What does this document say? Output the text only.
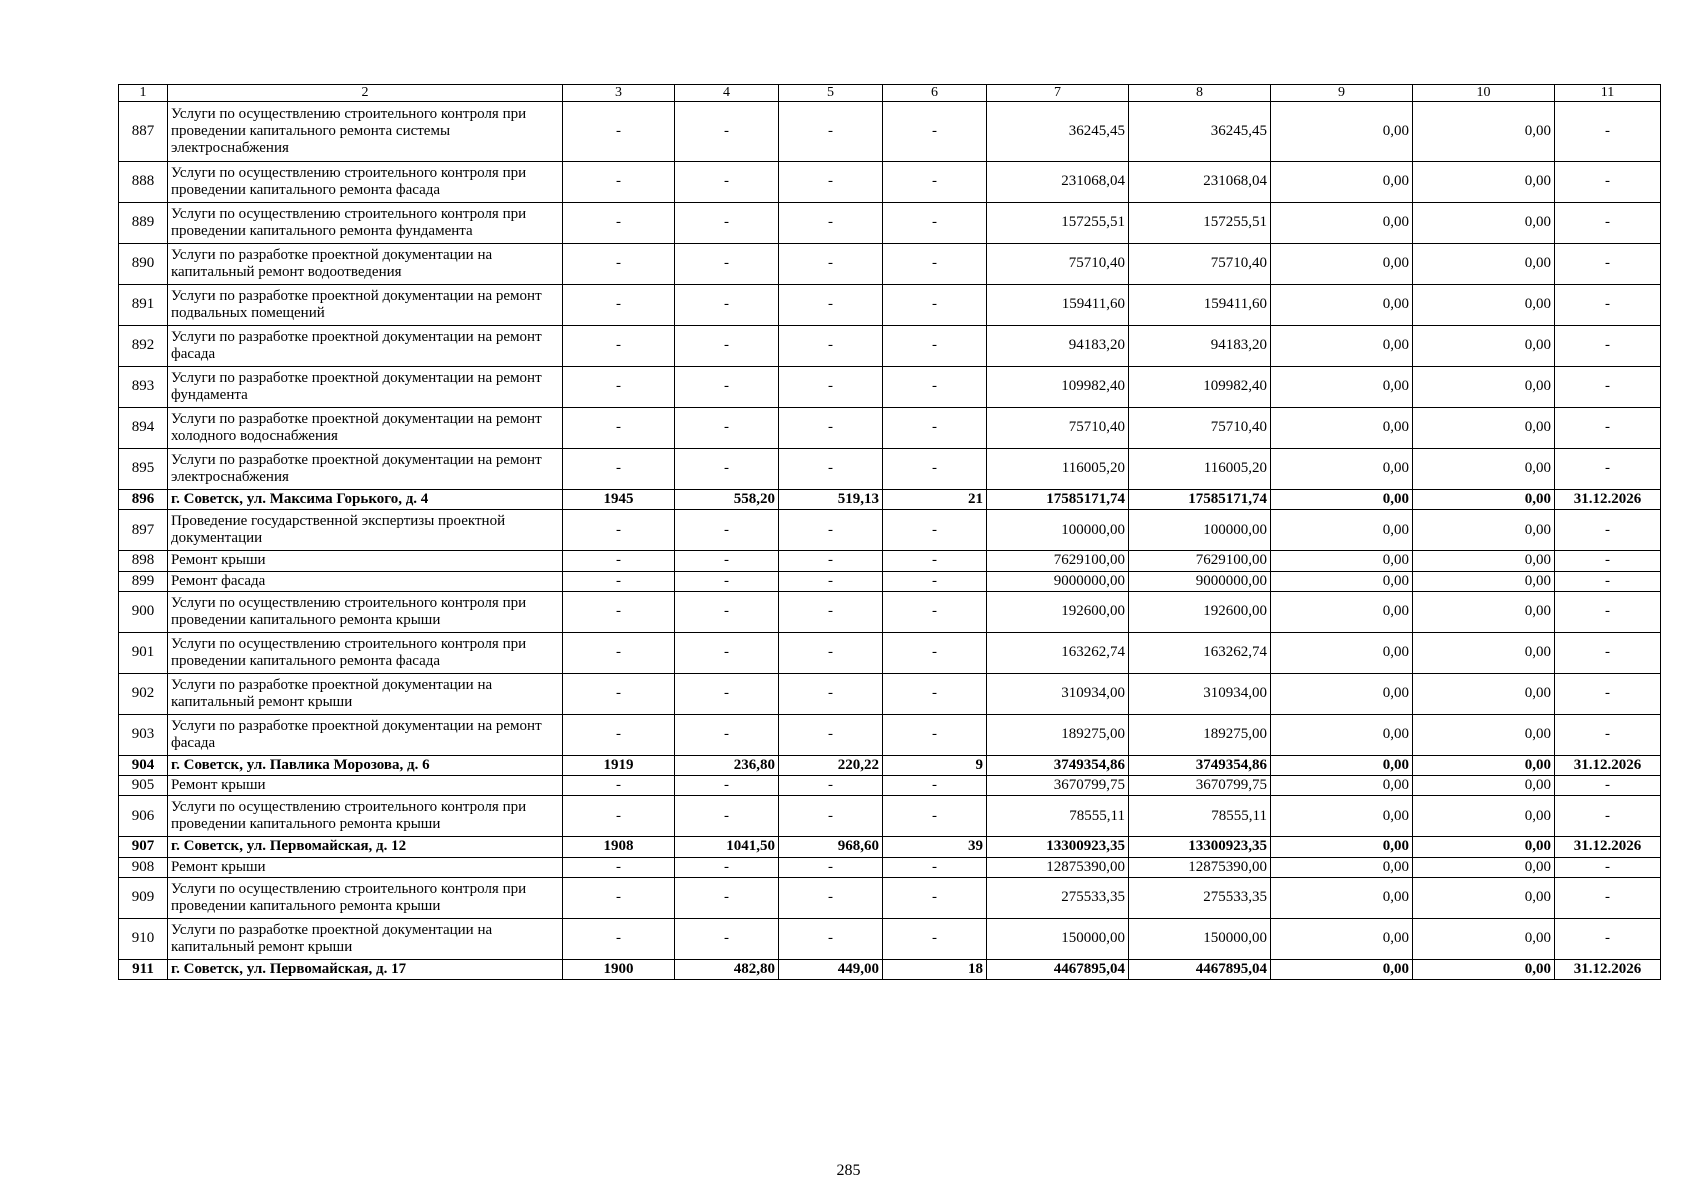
1	2	3	4	5	6	7	8	9	10	11
887	Услуги по осуществлению строительного контроля при проведении капитального ремонта системы электроснабжения	-	-	-	-	36245,45	36245,45	0,00	0,00	-
888	Услуги по осуществлению строительного контроля при проведении капитального ремонта фасада	-	-	-	-	231068,04	231068,04	0,00	0,00	-
889	Услуги по осуществлению строительного контроля при проведении капитального ремонта фундамента	-	-	-	-	157255,51	157255,51	0,00	0,00	-
890	Услуги по разработке проектной документации на капитальный ремонт водоотведения	-	-	-	-	75710,40	75710,40	0,00	0,00	-
891	Услуги по разработке проектной документации на ремонт подвальных помещений	-	-	-	-	159411,60	159411,60	0,00	0,00	-
892	Услуги по разработке проектной документации на ремонт фасада	-	-	-	-	94183,20	94183,20	0,00	0,00	-
893	Услуги по разработке проектной документации на ремонт фундамента	-	-	-	-	109982,40	109982,40	0,00	0,00	-
894	Услуги по разработке проектной документации на ремонт холодного водоснабжения	-	-	-	-	75710,40	75710,40	0,00	0,00	-
895	Услуги по разработке проектной документации на ремонт электроснабжения	-	-	-	-	116005,20	116005,20	0,00	0,00	-
896	г. Советск, ул. Максима Горького, д. 4	1945	558,20	519,13	21	17585171,74	17585171,74	0,00	0,00	31.12.2026
897	Проведение государственной экспертизы проектной документации	-	-	-	-	100000,00	100000,00	0,00	0,00	-
898	Ремонт крыши	-	-	-	-	7629100,00	7629100,00	0,00	0,00	-
899	Ремонт фасада	-	-	-	-	9000000,00	9000000,00	0,00	0,00	-
900	Услуги по осуществлению строительного контроля при проведении капитального ремонта крыши	-	-	-	-	192600,00	192600,00	0,00	0,00	-
901	Услуги по осуществлению строительного контроля при проведении капитального ремонта фасада	-	-	-	-	163262,74	163262,74	0,00	0,00	-
902	Услуги по разработке проектной документации на капитальный ремонт крыши	-	-	-	-	310934,00	310934,00	0,00	0,00	-
903	Услуги по разработке проектной документации на ремонт фасада	-	-	-	-	189275,00	189275,00	0,00	0,00	-
904	г. Советск, ул. Павлика Морозова, д. 6	1919	236,80	220,22	9	3749354,86	3749354,86	0,00	0,00	31.12.2026
905	Ремонт крыши	-	-	-	-	3670799,75	3670799,75	0,00	0,00	-
906	Услуги по осуществлению строительного контроля при проведении капитального ремонта крыши	-	-	-	-	78555,11	78555,11	0,00	0,00	-
907	г. Советск, ул. Первомайская, д. 12	1908	1041,50	968,60	39	13300923,35	13300923,35	0,00	0,00	31.12.2026
908	Ремонт крыши	-	-	-	-	12875390,00	12875390,00	0,00	0,00	-
909	Услуги по осуществлению строительного контроля при проведении капитального ремонта крыши	-	-	-	-	275533,35	275533,35	0,00	0,00	-
910	Услуги по разработке проектной документации на капитальный ремонт крыши	-	-	-	-	150000,00	150000,00	0,00	0,00	-
911	г. Советск, ул. Первомайская, д. 17	1900	482,80	449,00	18	4467895,04	4467895,04	0,00	0,00	31.12.2026
285
